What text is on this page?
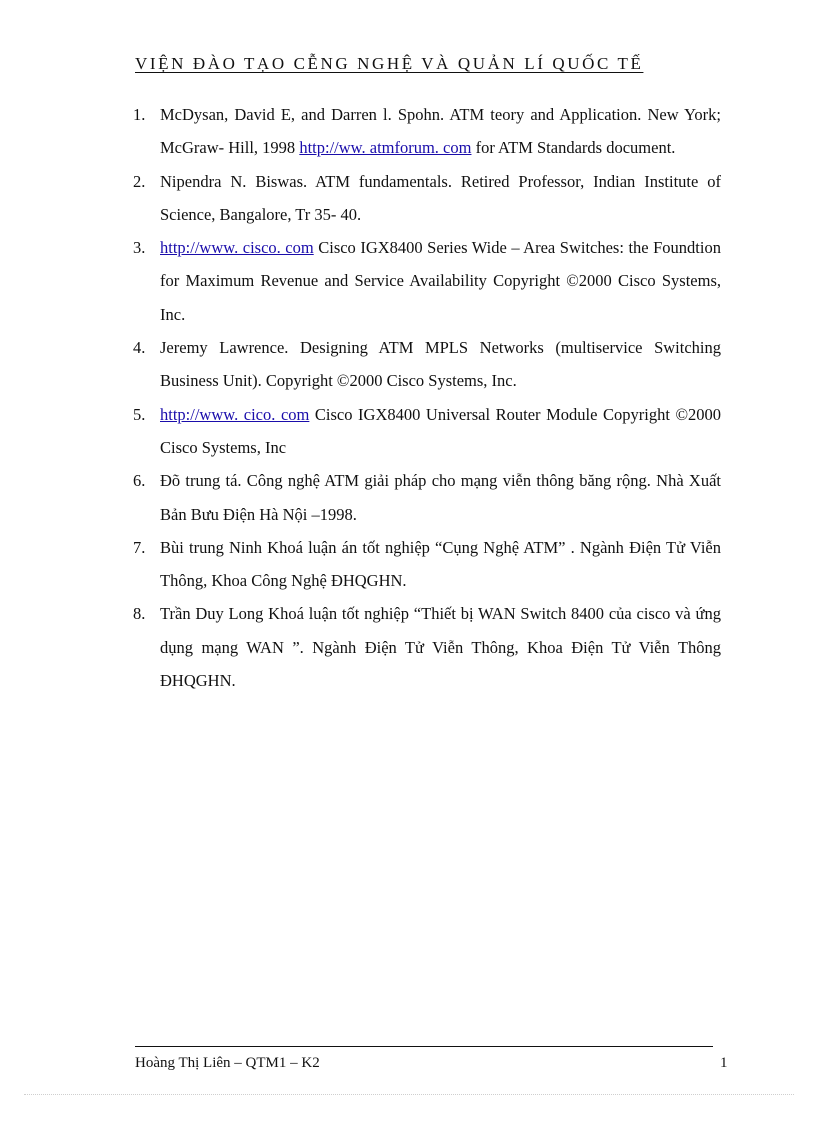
VIỆN ĐÀO TẠO CỄNG NGHỆ VÀ QUẢN LÍ QUỐC TẾ
1. McDysan, David E, and Darren l. Spohn. ATM teory and Application. New York; McGraw- Hill, 1998 http://ww. atmforum. com for ATM Standards document.
2. Nipendra N. Biswas. ATM fundamentals. Retired Professor, Indian Institute of Science, Bangalore, Tr 35- 40.
3. http://www. cisco. com Cisco IGX8400 Series Wide – Area Switches: the Foundtion for Maximum Revenue and Service Availability Copyright ©2000 Cisco Systems, Inc.
4. Jeremy Lawrence. Designing ATM MPLS Networks (multiservice Switching Business Unit). Copyright ©2000 Cisco Systems, Inc.
5. http://www. cico. com Cisco IGX8400 Universal Router Module Copyright ©2000 Cisco Systems, Inc
6. Đõ trung tá. Công nghệ ATM giải pháp cho mạng viễn thông băng rộng. Nhà Xuất Bản Bưu Điện Hà Nội –1998.
7. Bùi trung Ninh Khoá luận án tốt nghiệp “Cụng Nghệ ATM” . Ngành Điện Tử Viễn Thông, Khoa Công Nghệ ĐHQGHN.
8. Trần Duy Long Khoá luận tốt nghiệp “Thiết bị WAN Switch 8400 của cisco và ứng dụng mạng WAN ”. Ngành Điện Tử Viễn Thông, Khoa Điện Tử Viễn Thông ĐHQGHN.
Hoàng Thị Liên – QTM1 – K2	1
